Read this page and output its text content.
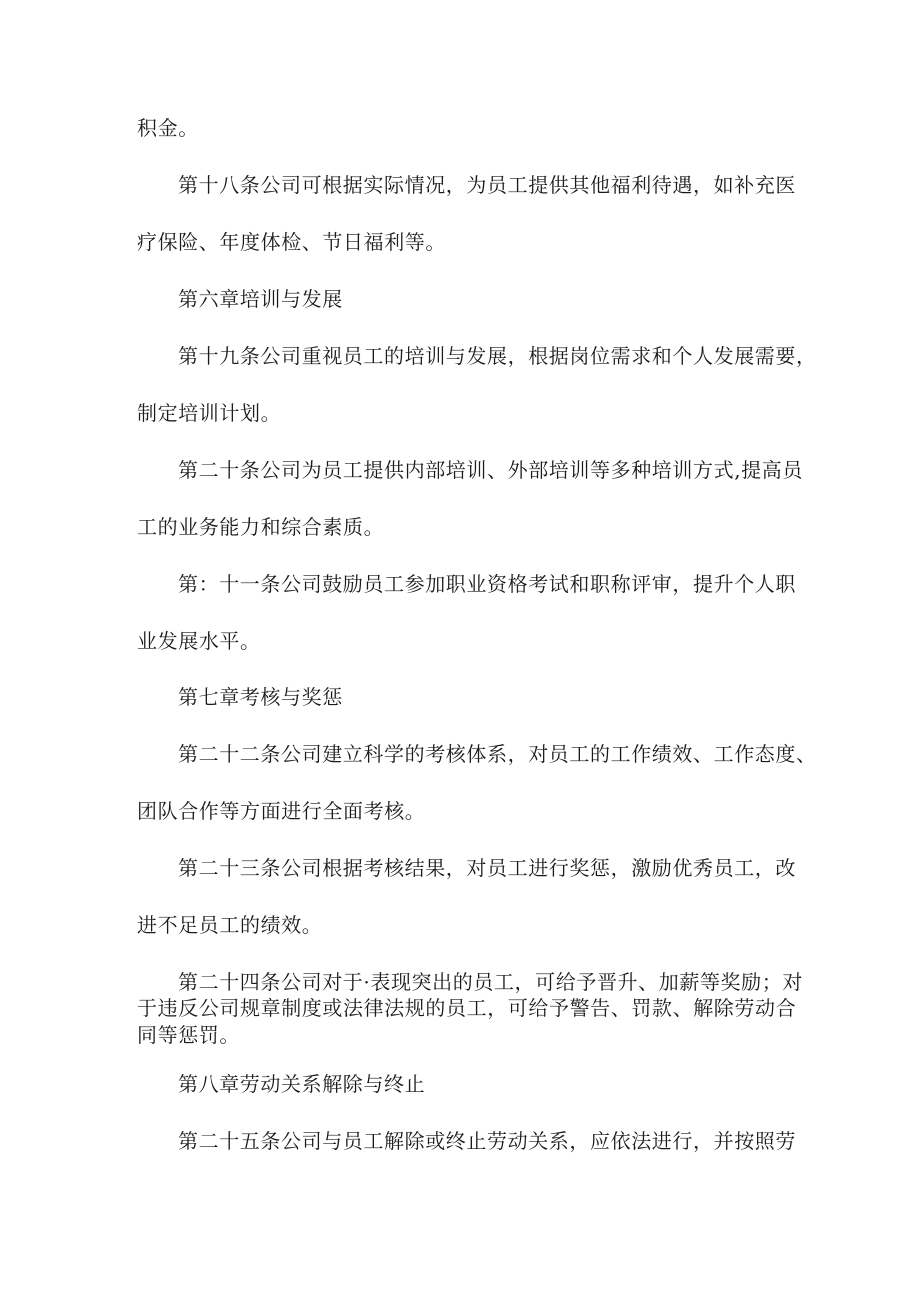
积金。

第十八条公司可根据实际情况，为员工提供其他福利待遇，如补充医

疗保险、年度体检、节日福利等。

第六章培训与发展

第十九条公司重视员工的培训与发展，根据岗位需求和个人发展需要，

制定培训计划。

第二十条公司为员工提供内部培训、外部培训等多种培训方式,提高员

工的业务能力和综合素质。

第：十一条公司鼓励员工参加职业资格考试和职称评审，提升个人职

业发展水平。

第七章考核与奖惩

第二十二条公司建立科学的考核体系，对员工的工作绩效、工作态度、

团队合作等方面进行全面考核。

第二十三条公司根据考核结果，对员工进行奖惩，激励优秀员工，改

进不足员工的绩效。

第二十四条公司对于·表现突出的员工，可给予晋升、加薪等奖励；对

于违反公司规章制度或法律法规的员工，可给予警告、罚款、解除劳动合

同等惩罚。

第八章劳动关系解除与终止

第二十五条公司与员工解除或终止劳动关系，应依法进行，并按照劳
